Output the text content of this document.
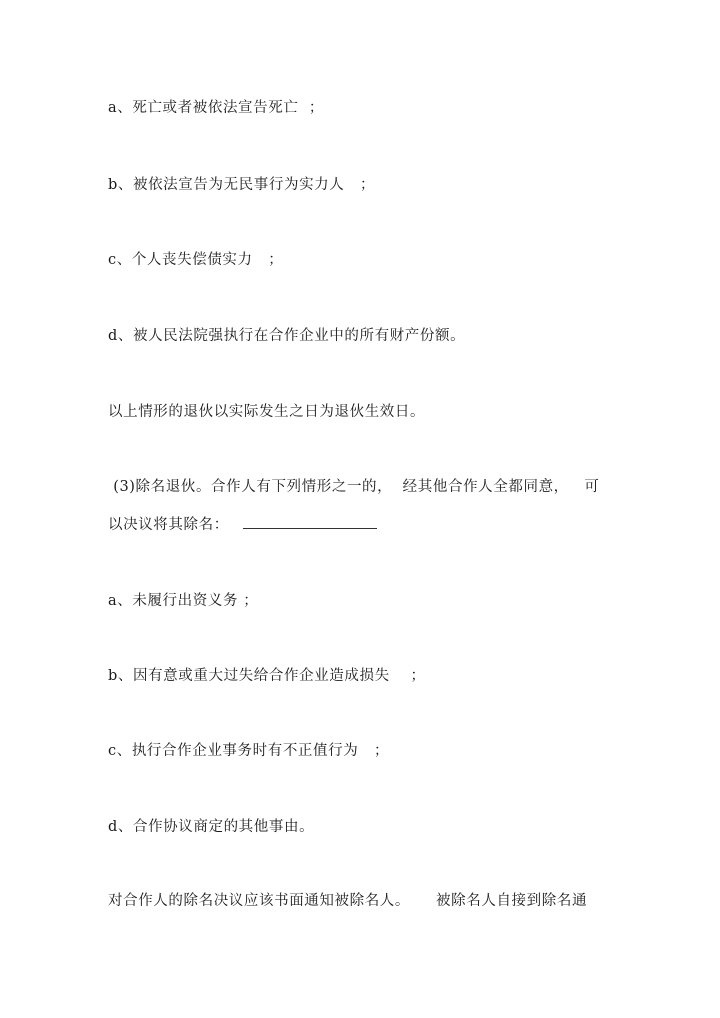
a、死亡或者被依法宣告死亡  ；
b、被依法宣告为无民事行为实力人   ；
c、个人丧失偿债实力   ；
d、被人民法院强执行在合作企业中的所有财产份额。
以上情形的退伙以实际发生之日为退伙生效日。
(3)除名退伙。合作人有下列情形之一的，  经其他合作人全都同意，   可
以决议将其除名：
a、未履行出资义务 ；
b、因有意或重大过失给合作企业造成损失    ；
c、执行合作企业事务时有不正值行为   ；
d、合作协议商定的其他事由。
对合作人的除名决议应该书面通知被除名人。     被除名人自接到除名通
